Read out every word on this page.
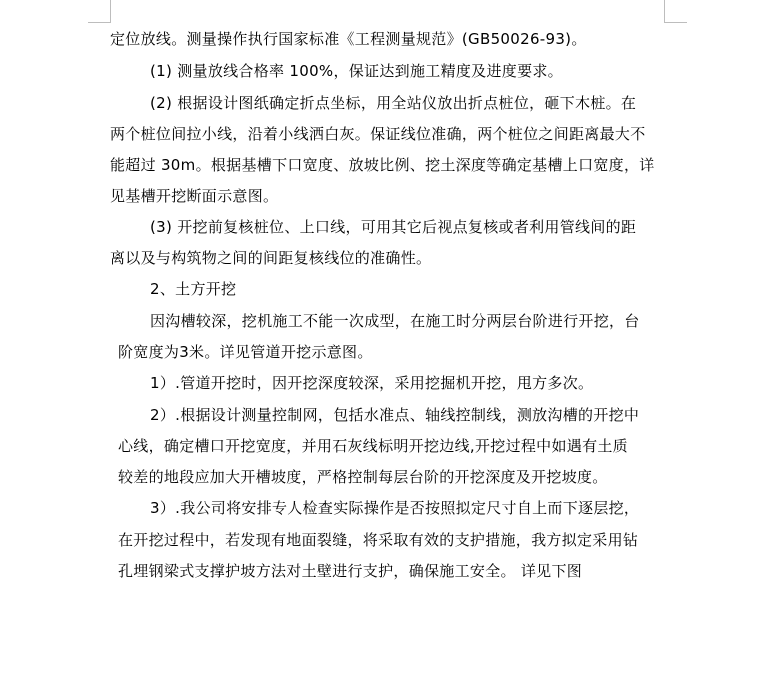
定位放线。测量操作执行国家标准《工程测量规范》(GB50026-93)。
(1) 测量放线合格率 100%，保证达到施工精度及进度要求。
(2) 根据设计图纸确定折点坐标，用全站仪放出折点桩位，砸下木桩。在
两个桩位间拉小线，沿着小线洒白灰。保证线位准确，两个桩位之间距离最大不
能超过 30m。根据基槽下口宽度、放坡比例、挖土深度等确定基槽上口宽度，详
见基槽开挖断面示意图。
(3) 开挖前复核桩位、上口线，可用其它后视点复核或者利用管线间的距
离以及与构筑物之间的间距复核线位的准确性。
2、土方开挖
因沟槽较深，挖机施工不能一次成型，在施工时分两层台阶进行开挖，台
阶宽度为3米。详见管道开挖示意图。
1）.管道开挖时，因开挖深度较深，采用挖掘机开挖，甩方多次。
2）.根据设计测量控制网，包括水准点、轴线控制线，测放沟槽的开挖中
心线，确定槽口开挖宽度，并用石灰线标明开挖边线,开挖过程中如遇有土质
较差的地段应加大开槽坡度，严格控制每层台阶的开挖深度及开挖坡度。
3）.我公司将安排专人检查实际操作是否按照拟定尺寸自上而下逐层挖，
在开挖过程中，若发现有地面裂缝，将采取有效的支护措施，我方拟定采用钻
孔埋钢梁式支撑护坡方法对土壁进行支护，确保施工安全。 详见下图
